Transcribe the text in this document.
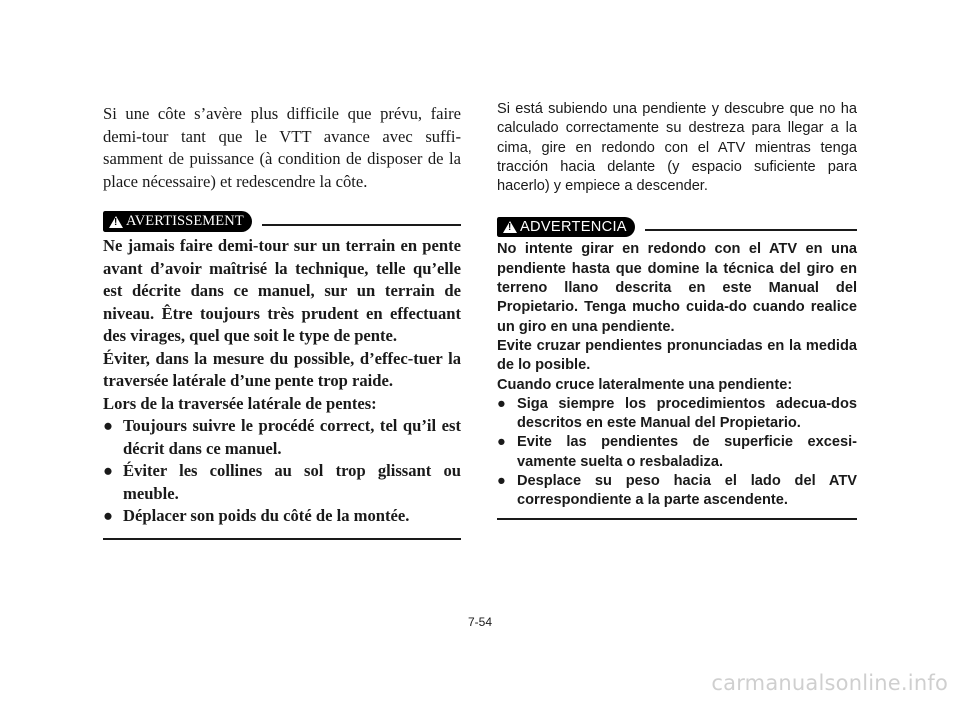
Si une côte s’avère plus difficile que prévu, faire demi-tour tant que le VTT avance avec suffi-samment de puissance (à condition de disposer de la place nécessaire) et redescendre la côte.

!
AVERTISSEMENT

Ne jamais faire demi-tour sur un terrain en pente avant d’avoir maîtrisé la technique, telle qu’elle est décrite dans ce manuel, sur un terrain de niveau. Être toujours très prudent en effectuant des virages, quel que soit le type de pente.

Éviter, dans la mesure du possible, d’effec-tuer la traversée latérale d’une pente trop raide.

Lors de la traversée latérale de pentes:

● Toujours suivre le procédé correct, tel qu’il est décrit dans ce manuel.
● Éviter les collines au sol trop glissant ou meuble.
● Déplacer son poids du côté de la montée.

Si está subiendo una pendiente y descubre que no ha calculado correctamente su destreza para llegar a la cima, gire en redondo con el ATV mientras tenga tracción hacia delante (y espacio suficiente para hacerlo) y empiece a descender.

!
ADVERTENCIA

No intente girar en redondo con el ATV en una pendiente hasta que domine la técnica del giro en terreno llano descrita en este Manual del Propietario. Tenga mucho cuida-do cuando realice un giro en una pendiente.

Evite cruzar pendientes pronunciadas en la medida de lo posible.

Cuando cruce lateralmente una pendiente:

● Siga siempre los procedimientos adecua-dos descritos en este Manual del Propietario.
● Evite las pendientes de superficie excesi-vamente suelta o resbaladiza.
● Desplace su peso hacia el lado del ATV correspondiente a la parte ascendente.
7-54
carmanualsonline.info
